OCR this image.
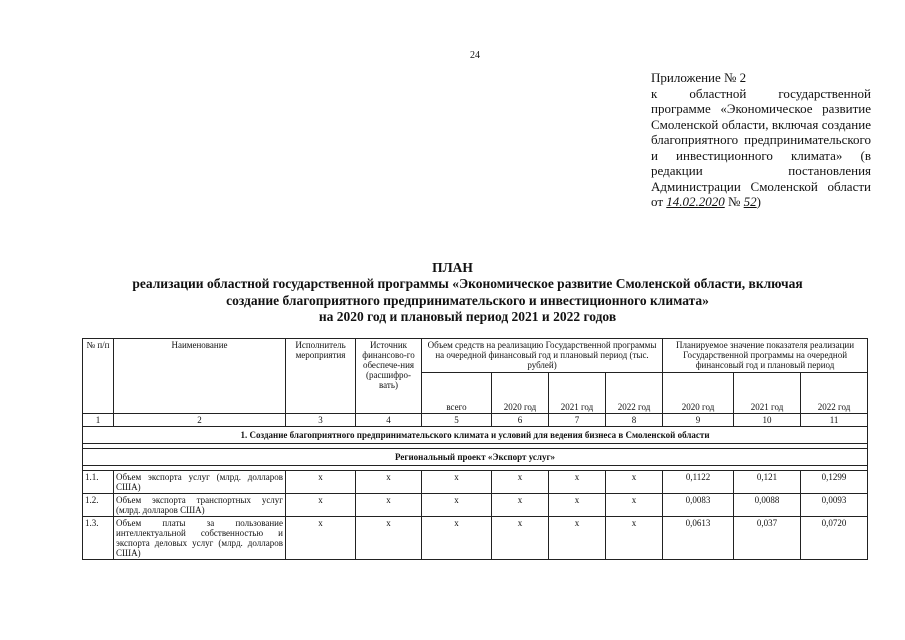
24
Приложение № 2
к областной государственной программе «Экономическое развитие Смоленской области, включая создание благоприятного предпринимательского и инвестиционного климата» (в редакции постановления Администрации Смоленской области от 14.02.2020 № 52)
ПЛАН
реализации областной государственной программы «Экономическое развитие Смоленской области, включая
создание благоприятного предпринимательского и инвестиционного климата»
на 2020 год и плановый период 2021 и 2022 годов
№ п/п	Наименование	Исполнитель мероприятия	Источник финансово-го обеспече-ния (расшифро-вать)	Объем средств на реализацию Государственной программы на очередной финансовый год и плановый период (тыс. рублей)				Планируемое значение показателя реализации Государственной программы на очередной финансовый год и плановый период		
				всего	2020 год	2021 год	2022 год	2020 год	2021 год	2022 год
1	2	3	4	5	6	7	8	9	10	11
1. Создание благоприятного предпринимательского климата и условий для ведения бизнеса в Смоленской области										

Региональный проект «Экспорт услуг»										

1.1.	Объем экспорта услуг (млрд. долларов США)	х	х	х	х	х	х	0,1122	0,121	0,1299
1.2.	Объем экспорта транспортных услуг (млрд. долларов США)	х	х	х	х	х	х	0,0083	0,0088	0,0093
1.3.	Объем платы за пользование интеллектуальной собственностью и экспорта деловых услуг (млрд. долларов США)	х	х	х	х	х	х	0,0613	0,037	0,0720
